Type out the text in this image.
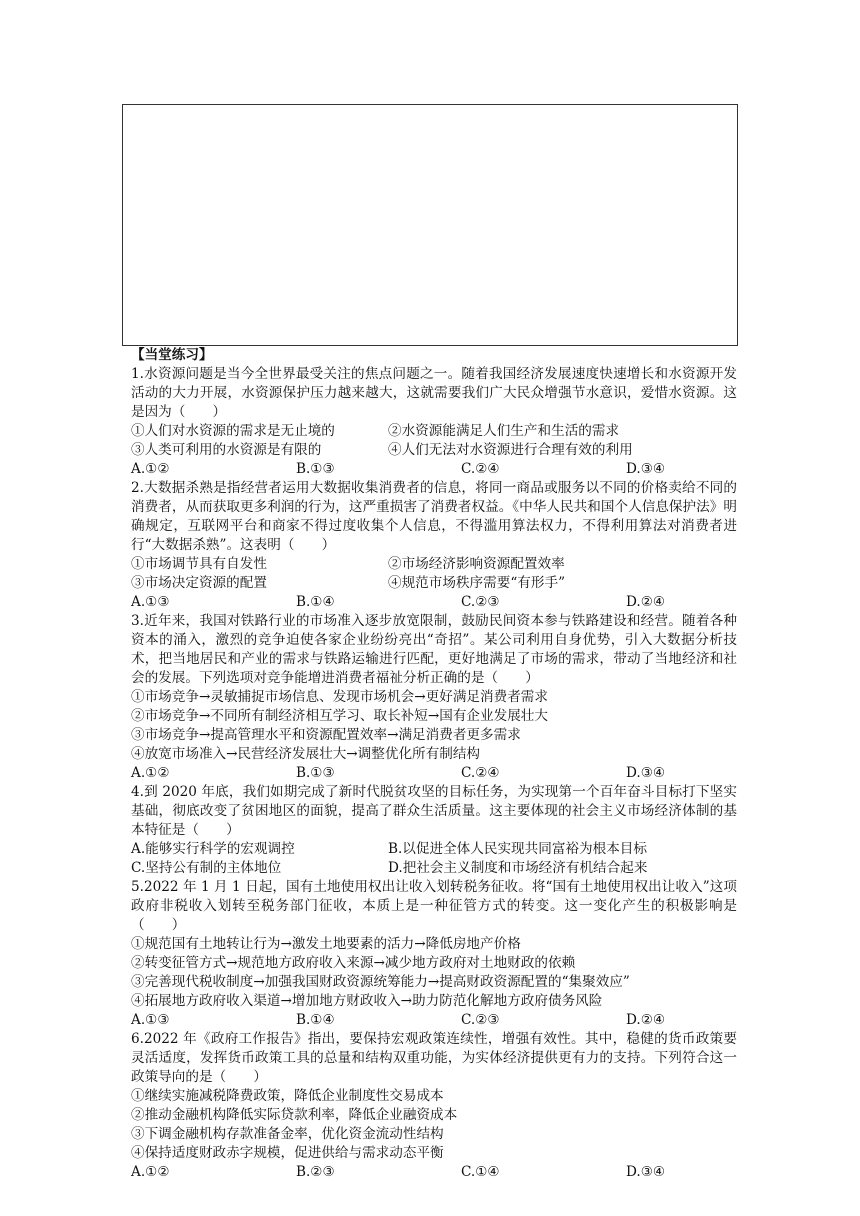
【当堂练习】
1.水资源问题是当今全世界最受关注的焦点问题之一。随着我国经济发展速度快速增长和水资源开发活动的大力开展，水资源保护压力越来越大，这就需要我们广大民众增强节水意识，爱惜水资源。这是因为（　　）
①人们对水资源的需求是无止境的	②水资源能满足人们生产和生活的需求
③人类可利用的水资源是有限的	④人们无法对水资源进行合理有效的利用
A.①②	B.①③	C.②④	D.③④
2.大数据杀熟是指经营者运用大数据收集消费者的信息，将同一商品或服务以不同的价格卖给不同的消费者，从而获取更多利润的行为，这严重损害了消费者权益。《中华人民共和国个人信息保护法》明确规定，互联网平台和商家不得过度收集个人信息，不得滥用算法权力，不得利用算法对消费者进行“大数据杀熟”。这表明（　　）
①市场调节具有自发性	②市场经济影响资源配置效率
③市场决定资源的配置	④规范市场秩序需要“有形手”
A.①③	B.①④	C.②③	D.②④
3.近年来，我国对铁路行业的市场准入逐步放宽限制，鼓励民间资本参与铁路建设和经营。随着各种资本的涌入，激烈的竞争迫使各家企业纷纷亮出“奇招”。某公司利用自身优势，引入大数据分析技术，把当地居民和产业的需求与铁路运输进行匹配，更好地满足了市场的需求，带动了当地经济和社会的发展。下列选项对竞争能增进消费者福祉分析正确的是（　　）
①市场竞争→灵敏捕捉市场信息、发现市场机会→更好满足消费者需求
②市场竞争→不同所有制经济相互学习、取长补短→国有企业发展壮大
③市场竞争→提高管理水平和资源配置效率→满足消费者更多需求
④放宽市场准入→民营经济发展壮大→调整优化所有制结构
A.①②	B.①③	C.②④	D.③④
4.到 2020 年底，我们如期完成了新时代脱贫攻坚的目标任务，为实现第一个百年奋斗目标打下坚实基础，彻底改变了贫困地区的面貌，提高了群众生活质量。这主要体现的社会主义市场经济体制的基本特征是（　　）
A.能够实行科学的宏观调控	B.以促进全体人民实现共同富裕为根本目标
C.坚持公有制的主体地位	D.把社会主义制度和市场经济有机结合起来
5.2022 年 1 月 1 日起，国有土地使用权出让收入划转税务征收。将“国有土地使用权出让收入”这项政府非税收入划转至税务部门征收，本质上是一种征管方式的转变。这一变化产生的积极影响是（　　）
①规范国有土地转让行为→激发土地要素的活力→降低房地产价格
②转变征管方式→规范地方政府收入来源→减少地方政府对土地财政的依赖
③完善现代税收制度→加强我国财政资源统筹能力→提高财政资源配置的“集聚效应”
④拓展地方政府收入渠道→增加地方财政收入→助力防范化解地方政府债务风险
A.①③	B.①④	C.②③	D.②④
6.2022 年《政府工作报告》指出，要保持宏观政策连续性，增强有效性。其中，稳健的货币政策要灵活适度，发挥货币政策工具的总量和结构双重功能，为实体经济提供更有力的支持。下列符合这一政策导向的是（　　）
①继续实施减税降费政策，降低企业制度性交易成本
②推动金融机构降低实际贷款利率，降低企业融资成本
③下调金融机构存款准备金率，优化资金流动性结构
④保持适度财政赤字规模，促进供给与需求动态平衡
A.①②	B.②③	C.①④	D.③④
